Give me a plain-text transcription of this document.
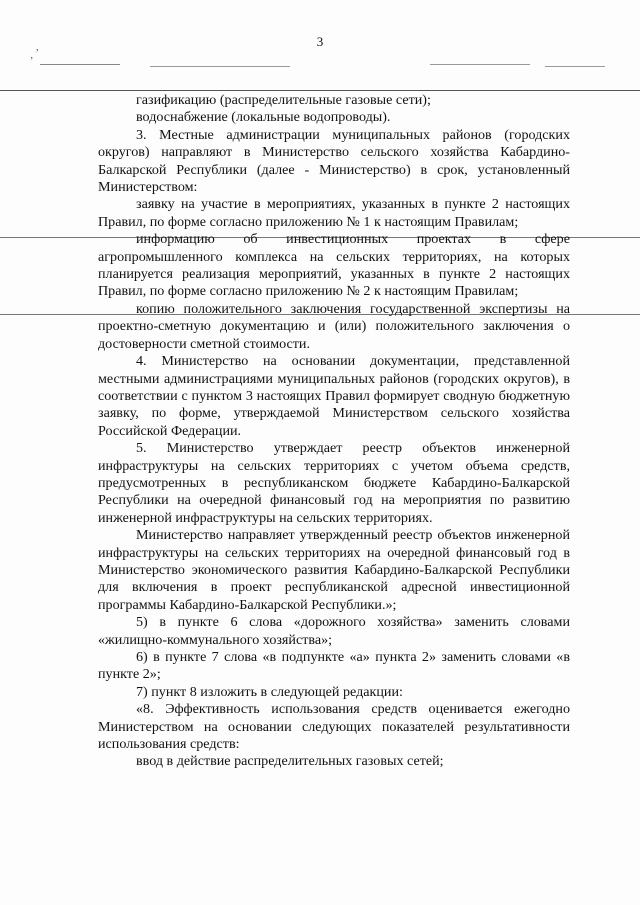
3
,
’

газификацию (распределительные газовые сети);

водоснабжение (локальные водопроводы).

3. Местные администрации муниципальных районов (городских округов) направляют в Министерство сельского хозяйства Кабардино-Балкарской Республики (далее - Министерство) в срок, установленный Министерством:

заявку на участие в мероприятиях, указанных в пункте 2 настоящих Правил, по форме согласно приложению № 1 к настоящим Правилам;

информацию об инвестиционных проектах в сфере агропромышленного комплекса на сельских территориях, на которых планируется реализация мероприятий, указанных в пункте 2 настоящих Правил, по форме согласно приложению № 2 к настоящим Правилам;

копию положительного заключения государственной экспертизы на проектно-сметную документацию и (или) положительного заключения о достоверности сметной стоимости.

4. Министерство на основании документации, представленной местными администрациями муниципальных районов (городских округов), в соответствии с пунктом 3 настоящих Правил формирует сводную бюджетную заявку, по форме, утверждаемой Министерством сельского хозяйства Российской Федерации.

5. Министерство утверждает реестр объектов инженерной инфраструктуры на сельских территориях с учетом объема средств, предусмотренных в республиканском бюджете Кабардино-Балкарской Республики на очередной финансовый год на мероприятия по развитию инженерной инфраструктуры на сельских территориях.

Министерство направляет утвержденный реестр объектов инженерной инфраструктуры на сельских территориях на очередной финансовый год в Министерство экономического развития Кабардино-Балкарской Республики для включения в проект республиканской адресной инвестиционной программы Кабардино-Балкарской Республики.»;

5) в пункте 6 слова «дорожного хозяйства» заменить словами «жилищно-коммунального хозяйства»;

6) в пункте 7 слова «в подпункте «а» пункта 2» заменить словами «в пункте 2»;

7) пункт 8 изложить в следующей редакции:

«8. Эффективность использования средств оценивается ежегодно Министерством на основании следующих показателей результативности использования средств:

ввод в действие распределительных газовых сетей;
